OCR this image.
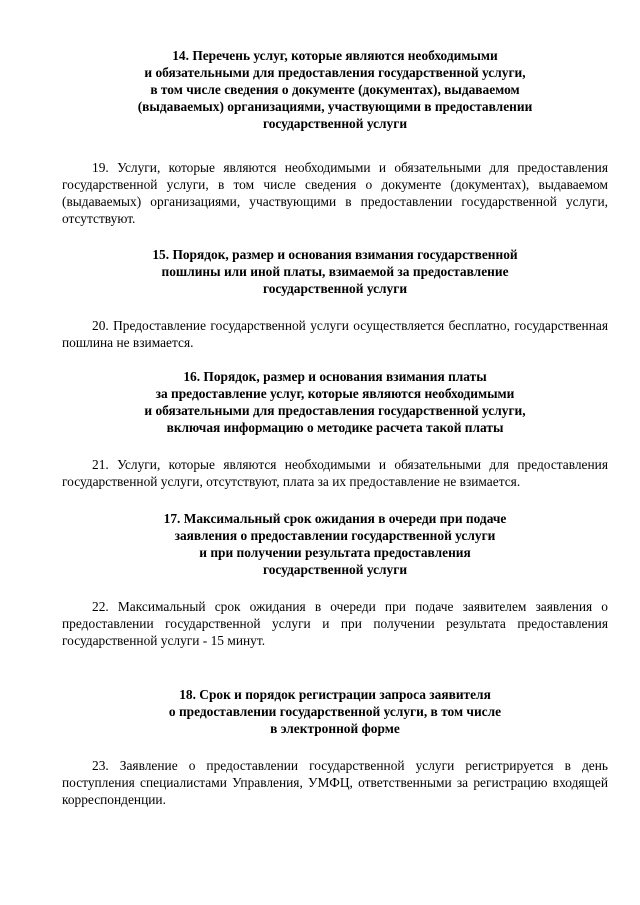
14. Перечень услуг, которые являются необходимыми
и обязательными для предоставления государственной услуги,
в том числе сведения о документе (документах), выдаваемом
(выдаваемых) организациями, участвующими в предоставлении
государственной услуги

19. Услуги, которые являются необходимыми и обязательными для предоставления государственной услуги, в том числе сведения о документе (документах), выдаваемом (выдаваемых) организациями, участвующими в предоставлении государственной услуги, отсутствуют.

15. Порядок, размер и основания взимания государственной
пошлины или иной платы, взимаемой за предоставление
государственной услуги

20. Предоставление государственной услуги осуществляется бесплатно, государственная пошлина не взимается.

16. Порядок, размер и основания взимания платы
за предоставление услуг, которые являются необходимыми
и обязательными для предоставления государственной услуги,
включая информацию о методике расчета такой платы

21. Услуги, которые являются необходимыми и обязательными для предоставления государственной услуги, отсутствуют, плата за их предоставление не взимается.

17. Максимальный срок ожидания в очереди при подаче
заявления о предоставлении государственной услуги
и при получении результата предоставления
государственной услуги

22. Максимальный срок ожидания в очереди при подаче заявителем заявления о предоставлении государственной услуги и при получении результата предоставления государственной услуги - 15 минут.

18. Срок и порядок регистрации запроса заявителя
о предоставлении государственной услуги, в том числе
в электронной форме

23. Заявление о предоставлении государственной услуги регистрируется в день поступления специалистами Управления, УМФЦ, ответственными за регистрацию входящей корреспонденции.
